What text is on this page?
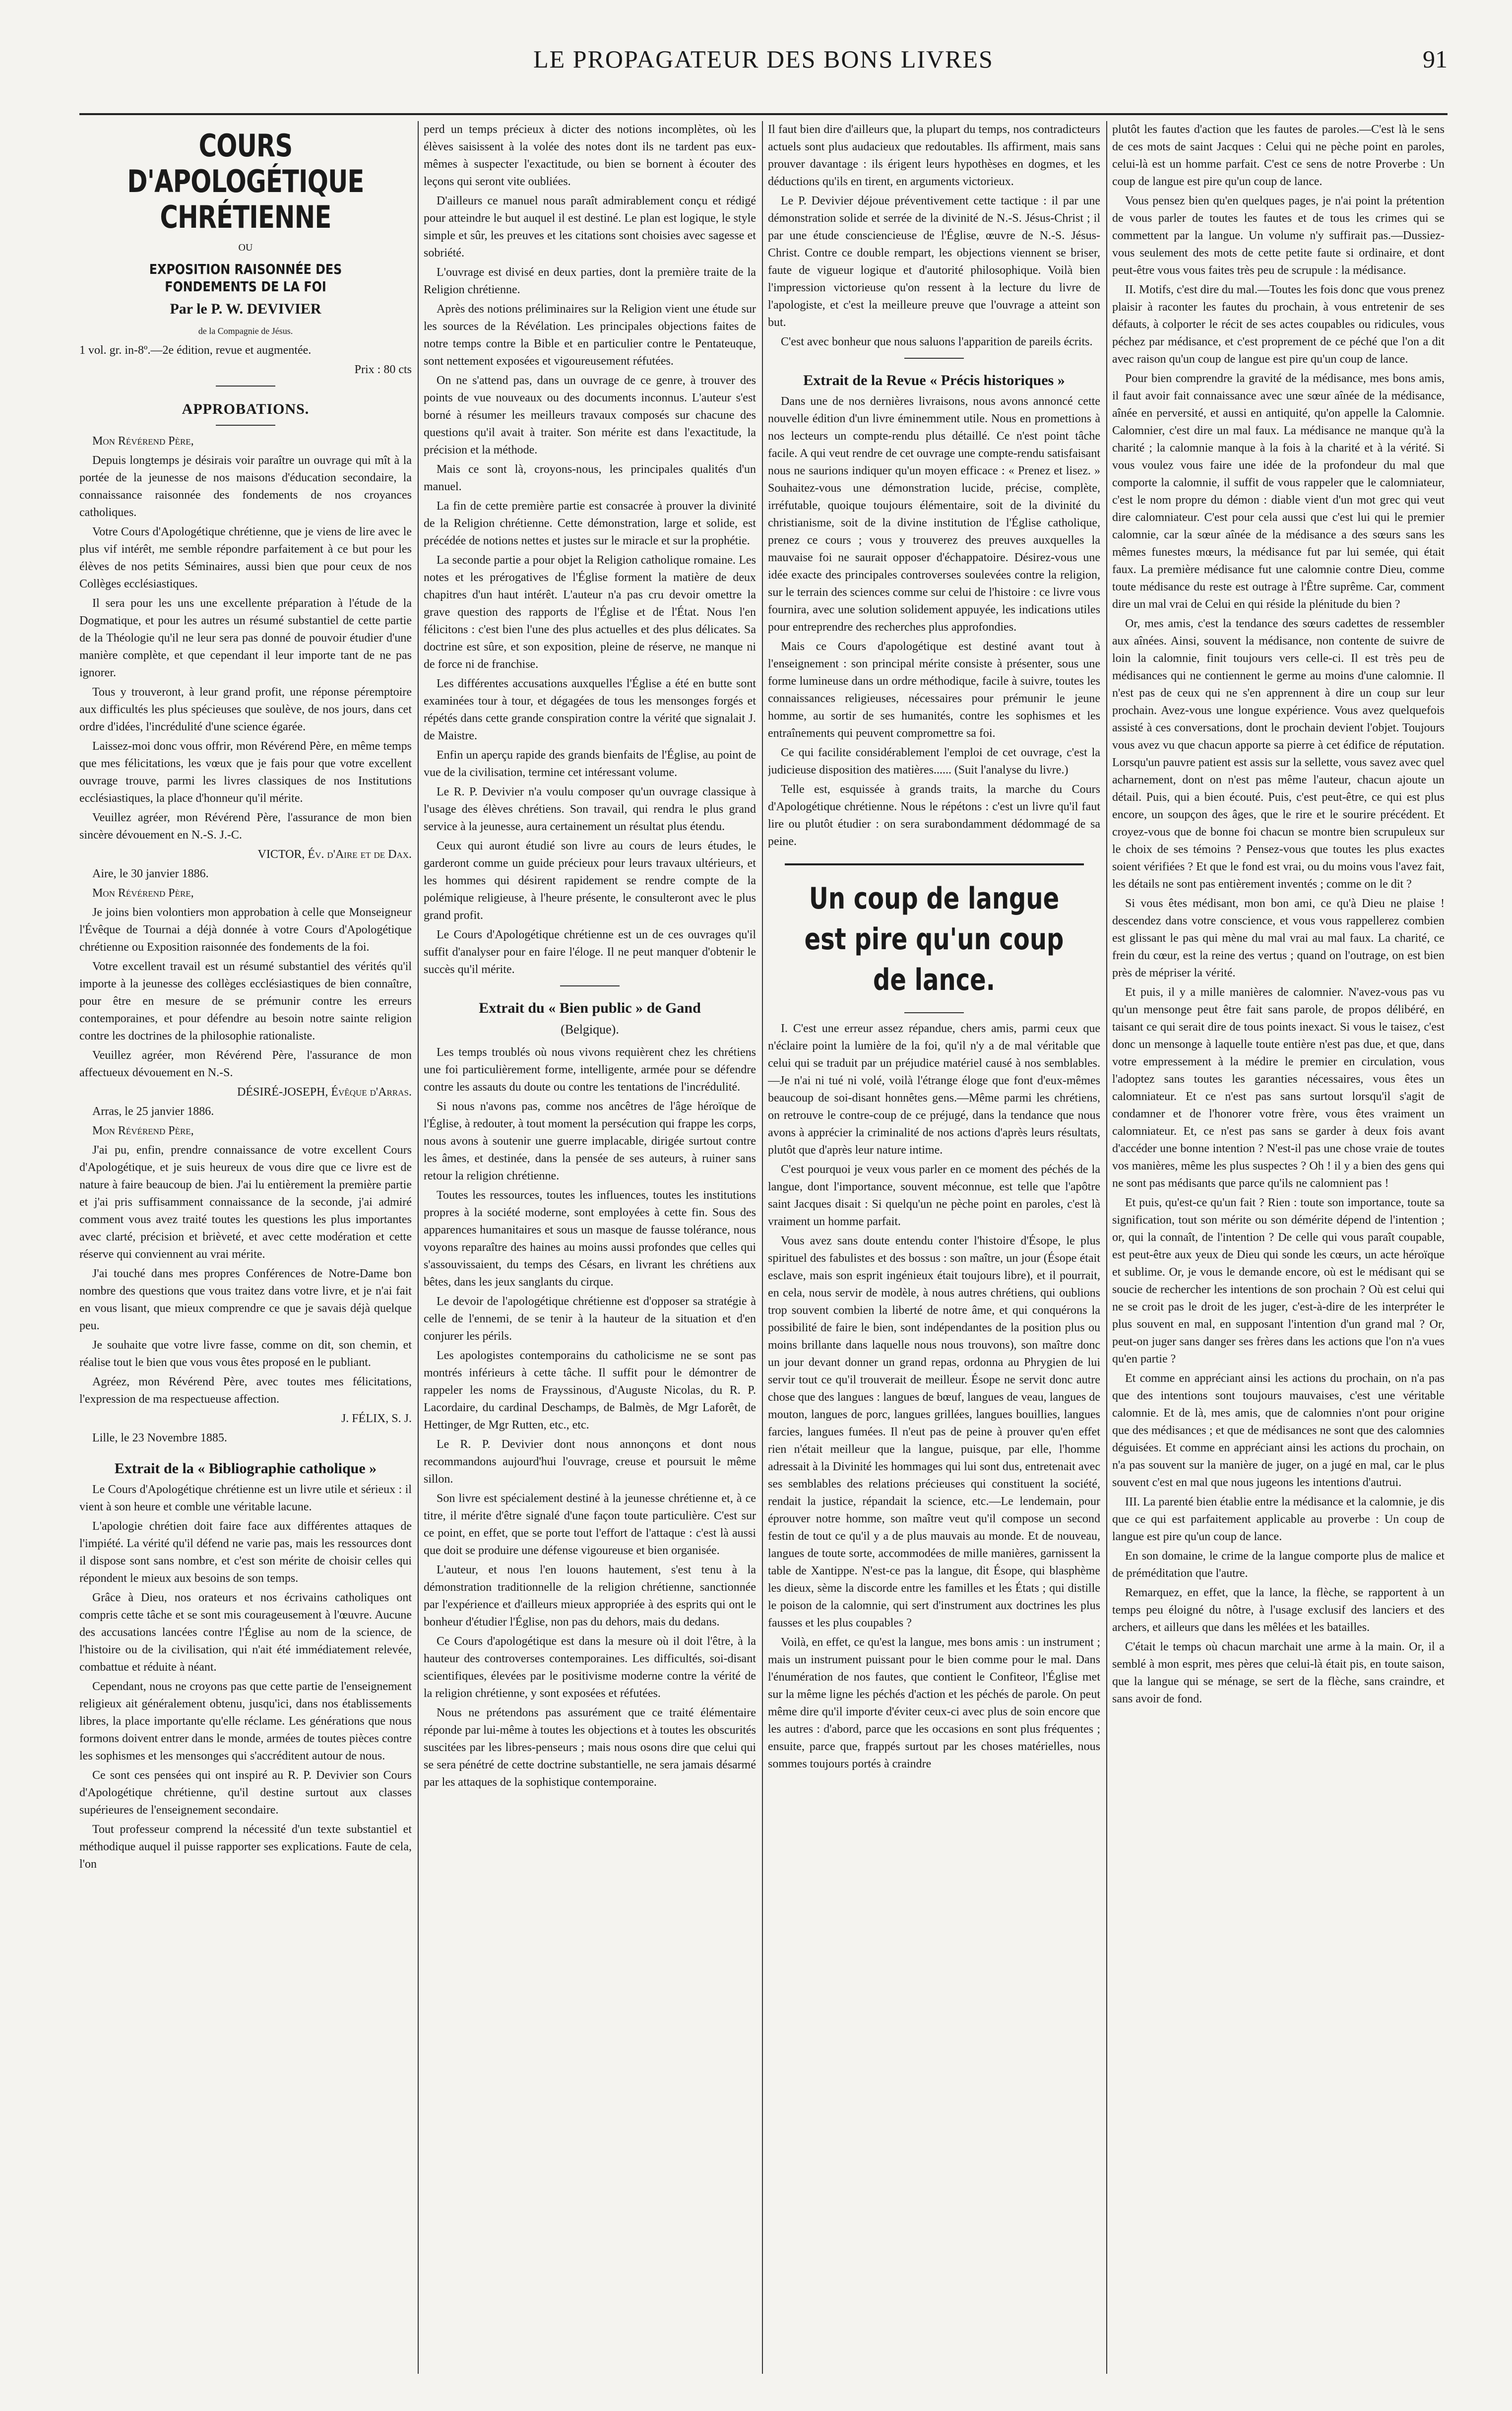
LE PROPAGATEUR DES BONS LIVRES	91
COURS D'APOLOGÉTIQUE CHRÉTIENNE
OU
EXPOSITION RAISONNÉE DES FONDEMENTS DE LA FOI
Par le P. W. DEVIVIER
de la Compagnie de Jésus.

1 vol. gr. in-8º.—2e édition, revue et augmentée.

Prix : 80 cts
APPROBATIONS.

Mon Révérend Père,

Depuis longtemps je désirais voir paraître un ouvrage qui mît à la portée de la jeunesse de nos maisons d'éducation secondaire, la connaissance raisonnée des fondements de nos croyances catholiques.

Votre Cours d'Apologétique chrétienne, que je viens de lire avec le plus vif intérêt, me semble répondre parfaitement à ce but pour les élèves de nos petits Séminaires, aussi bien que pour ceux de nos Collèges ecclésiastiques.

Il sera pour les uns une excellente préparation à l'étude de la Dogmatique, et pour les autres un résumé substantiel de cette partie de la Théologie qu'il ne leur sera pas donné de pouvoir étudier d'une manière complète, et que cependant il leur importe tant de ne pas ignorer.

Tous y trouveront, à leur grand profit, une réponse péremptoire aux difficultés les plus spécieuses que soulève, de nos jours, dans cet ordre d'idées, l'incrédulité d'une science égarée.

Laissez-moi donc vous offrir, mon Révérend Père, en même temps que mes félicitations, les vœux que je fais pour que votre excellent ouvrage trouve, parmi les livres classiques de nos Institutions ecclésiastiques, la place d'honneur qu'il mérite.

Veuillez agréer, mon Révérend Père, l'assurance de mon bien sincère dévouement en N.-S. J.-C.

VICTOR, Év. d'Aire et de Dax.

Aire, le 30 janvier 1886.

Mon Révérend Père,

Je joins bien volontiers mon approbation à celle que Monseigneur l'Évêque de Tournai a déjà donnée à votre Cours d'Apologétique chrétienne ou Exposition raisonnée des fondements de la foi.

Votre excellent travail est un résumé substantiel des vérités qu'il importe à la jeunesse des collèges ecclésiastiques de bien connaître, pour être en mesure de se prémunir contre les erreurs contemporaines, et pour défendre au besoin notre sainte religion contre les doctrines de la philosophie rationaliste.

Veuillez agréer, mon Révérend Père, l'assurance de mon affectueux dévouement en N.-S.

DÉSIRÉ-JOSEPH, Évêque d'Arras.

Arras, le 25 janvier 1886.

Mon Révérend Père,

J'ai pu, enfin, prendre connaissance de votre excellent Cours d'Apologétique, et je suis heureux de vous dire que ce livre est de nature à faire beaucoup de bien. J'ai lu entièrement la première partie et j'ai pris suffisamment connaissance de la seconde, j'ai admiré comment vous avez traité toutes les questions les plus importantes avec clarté, précision et brièveté, et avec cette modération et cette réserve qui conviennent au vrai mérite.

J'ai touché dans mes propres Conférences de Notre-Dame bon nombre des questions que vous traitez dans votre livre, et je n'ai fait en vous lisant, que mieux comprendre ce que je savais déjà quelque peu.

Je souhaite que votre livre fasse, comme on dit, son chemin, et réalise tout le bien que vous vous êtes proposé en le publiant.

Agréez, mon Révérend Père, avec toutes mes félicitations, l'expression de ma respectueuse affection.

J. FÉLIX, S. J.

Lille, le 23 Novembre 1885.

Extrait de la « Bibliographie catholique »

Le Cours d'Apologétique chrétienne est un livre utile et sérieux : il vient à son heure et comble une véritable lacune.

L'apologie chrétien doit faire face aux différentes attaques de l'impiété. La vérité qu'il défend ne varie pas, mais les ressources dont il dispose sont sans nombre, et c'est son mérite de choisir celles qui répondent le mieux aux besoins de son temps.

Grâce à Dieu, nos orateurs et nos écrivains catholiques ont compris cette tâche et se sont mis courageusement à l'œuvre. Aucune des accusations lancées contre l'Église au nom de la science, de l'histoire ou de la civilisation, qui n'ait été immédiatement relevée, combattue et réduite à néant.

Cependant, nous ne croyons pas que cette partie de l'enseignement religieux ait généralement obtenu, jusqu'ici, dans nos établissements libres, la place importante qu'elle réclame. Les générations que nous formons doivent entrer dans le monde, armées de toutes pièces contre les sophismes et les mensonges qui s'accréditent autour de nous.

Ce sont ces pensées qui ont inspiré au R. P. Devivier son Cours d'Apologétique chrétienne, qu'il destine surtout aux classes supérieures de l'enseignement secondaire.

Tout professeur comprend la nécessité d'un texte substantiel et méthodique auquel il puisse rapporter ses explications. Faute de cela, l'on

perd un temps précieux à dicter des notions incomplètes, où les élèves saisissent à la volée des notes dont ils ne tardent pas eux-mêmes à suspecter l'exactitude, ou bien se bornent à écouter des leçons qui seront vite oubliées.

D'ailleurs ce manuel nous paraît admirablement conçu et rédigé pour atteindre le but auquel il est destiné. Le plan est logique, le style simple et sûr, les preuves et les citations sont choisies avec sagesse et sobriété.

L'ouvrage est divisé en deux parties, dont la première traite de la Religion chrétienne.

Après des notions préliminaires sur la Religion vient une étude sur les sources de la Révélation. Les principales objections faites de notre temps contre la Bible et en particulier contre le Pentateuque, sont nettement exposées et vigoureusement réfutées.

On ne s'attend pas, dans un ouvrage de ce genre, à trouver des points de vue nouveaux ou des documents inconnus. L'auteur s'est borné à résumer les meilleurs travaux composés sur chacune des questions qu'il avait à traiter. Son mérite est dans l'exactitude, la précision et la méthode.

Mais ce sont là, croyons-nous, les principales qualités d'un manuel.

La fin de cette première partie est consacrée à prouver la divinité de la Religion chrétienne. Cette démonstration, large et solide, est précédée de notions nettes et justes sur le miracle et sur la prophétie.

La seconde partie a pour objet la Religion catholique romaine. Les notes et les prérogatives de l'Église forment la matière de deux chapitres d'un haut intérêt. L'auteur n'a pas cru devoir omettre la grave question des rapports de l'Église et de l'État. Nous l'en félicitons : c'est bien l'une des plus actuelles et des plus délicates. Sa doctrine est sûre, et son exposition, pleine de réserve, ne manque ni de force ni de franchise.

Les différentes accusations auxquelles l'Église a été en butte sont examinées tour à tour, et dégagées de tous les mensonges forgés et répétés dans cette grande conspiration contre la vérité que signalait J. de Maistre.

Enfin un aperçu rapide des grands bienfaits de l'Église, au point de vue de la civilisation, termine cet intéressant volume.

Le R. P. Devivier n'a voulu composer qu'un ouvrage classique à l'usage des élèves chrétiens. Son travail, qui rendra le plus grand service à la jeunesse, aura certainement un résultat plus étendu.

Ceux qui auront étudié son livre au cours de leurs études, le garderont comme un guide précieux pour leurs travaux ultérieurs, et les hommes qui désirent rapidement se rendre compte de la polémique religieuse, à l'heure présente, le consulteront avec le plus grand profit.

Le Cours d'Apologétique chrétienne est un de ces ouvrages qu'il suffit d'analyser pour en faire l'éloge. Il ne peut manquer d'obtenir le succès qu'il mérite.

Extrait du « Bien public » de Gand
(Belgique).

Les temps troublés où nous vivons requièrent chez les chrétiens une foi particulièrement forme, intelligente, armée pour se défendre contre les assauts du doute ou contre les tentations de l'incrédulité.

Si nous n'avons pas, comme nos ancêtres de l'âge héroïque de l'Église, à redouter, à tout moment la persécution qui frappe les corps, nous avons à soutenir une guerre implacable, dirigée surtout contre les âmes, et destinée, dans la pensée de ses auteurs, à ruiner sans retour la religion chrétienne.

Toutes les ressources, toutes les influences, toutes les institutions propres à la société moderne, sont employées à cette fin. Sous des apparences humanitaires et sous un masque de fausse tolérance, nous voyons reparaître des haines au moins aussi profondes que celles qui s'assouvissaient, du temps des Césars, en livrant les chrétiens aux bêtes, dans les jeux sanglants du cirque.

Le devoir de l'apologétique chrétienne est d'opposer sa stratégie à celle de l'ennemi, de se tenir à la hauteur de la situation et d'en conjurer les périls.

Les apologistes contemporains du catholicisme ne se sont pas montrés inférieurs à cette tâche. Il suffit pour le démontrer de rappeler les noms de Frayssinous, d'Auguste Nicolas, du R. P. Lacordaire, du cardinal Deschamps, de Balmès, de Mgr Laforêt, de Hettinger, de Mgr Rutten, etc., etc.

Le R. P. Devivier dont nous annonçons et dont nous recommandons aujourd'hui l'ouvrage, creuse et poursuit le même sillon.

Son livre est spécialement destiné à la jeunesse chrétienne et, à ce titre, il mérite d'être signalé d'une façon toute particulière. C'est sur ce point, en effet, que se porte tout l'effort de l'attaque : c'est là aussi que doit se produire une défense vigoureuse et bien organisée.

L'auteur, et nous l'en louons hautement, s'est tenu à la démonstration traditionnelle de la religion chrétienne, sanctionnée par l'expérience et d'ailleurs mieux appropriée à des esprits qui ont le bonheur d'étudier l'Église, non pas du dehors, mais du dedans.

Ce Cours d'apologétique est dans la mesure où il doit l'être, à la hauteur des controverses contemporaines. Les difficultés, soi-disant scientifiques, élevées par le positivisme moderne contre la vérité de la religion chrétienne, y sont exposées et réfutées.

Nous ne prétendons pas assurément que ce traité élémentaire réponde par lui-même à toutes les objections et à toutes les obscurités suscitées par les libres-penseurs ; mais nous osons dire que celui qui se sera pénétré de cette doctrine substantielle, ne sera jamais désarmé par les attaques de la sophistique contemporaine.

Il faut bien dire d'ailleurs que, la plupart du temps, nos contradicteurs actuels sont plus audacieux que redoutables. Ils affirment, mais sans prouver davantage : ils érigent leurs hypothèses en dogmes, et les déductions qu'ils en tirent, en arguments victorieux.

Le P. Devivier déjoue préventivement cette tactique : il par une démonstration solide et serrée de la divinité de N.-S. Jésus-Christ ; il par une étude consciencieuse de l'Église, œuvre de N.-S. Jésus-Christ. Contre ce double rempart, les objections viennent se briser, faute de vigueur logique et d'autorité philosophique. Voilà bien l'impression victorieuse qu'on ressent à la lecture du livre de l'apologiste, et c'est la meilleure preuve que l'ouvrage a atteint son but.

C'est avec bonheur que nous saluons l'apparition de pareils écrits.

Extrait de la Revue « Précis historiques »

Dans une de nos dernières livraisons, nous avons annoncé cette nouvelle édition d'un livre éminemment utile. Nous en promettions à nos lecteurs un compte-rendu plus détaillé. Ce n'est point tâche facile. A qui veut rendre de cet ouvrage une compte-rendu satisfaisant nous ne saurions indiquer qu'un moyen efficace : « Prenez et lisez. » Souhaitez-vous une démonstration lucide, précise, complète, irréfutable, quoique toujours élémentaire, soit de la divinité du christianisme, soit de la divine institution de l'Église catholique, prenez ce cours ; vous y trouverez des preuves auxquelles la mauvaise foi ne saurait opposer d'échappatoire. Désirez-vous une idée exacte des principales controverses soulevées contre la religion, sur le terrain des sciences comme sur celui de l'histoire : ce livre vous fournira, avec une solution solidement appuyée, les indications utiles pour entreprendre des recherches plus approfondies.

Mais ce Cours d'apologétique est destiné avant tout à l'enseignement : son principal mérite consiste à présenter, sous une forme lumineuse dans un ordre méthodique, facile à suivre, toutes les connaissances religieuses, nécessaires pour prémunir le jeune homme, au sortir de ses humanités, contre les sophismes et les entraînements qui peuvent compromettre sa foi.

Ce qui facilite considérablement l'emploi de cet ouvrage, c'est la judicieuse disposition des matières...... (Suit l'analyse du livre.)

Telle est, esquissée à grands traits, la marche du Cours d'Apologétique chrétienne. Nous le répétons : c'est un livre qu'il faut lire ou plutôt étudier : on sera surabondamment dédommagé de sa peine.

Un coup de langue est pire qu'un coup de lance.

I. C'est une erreur assez répandue, chers amis, parmi ceux que n'éclaire point la lumière de la foi, qu'il n'y a de mal véritable que celui qui se traduit par un préjudice matériel causé à nos semblables.—Je n'ai ni tué ni volé, voilà l'étrange éloge que font d'eux-mêmes beaucoup de soi-disant honnêtes gens.—Même parmi les chrétiens, on retrouve le contre-coup de ce préjugé, dans la tendance que nous avons à apprécier la criminalité de nos actions d'après leurs résultats, plutôt que d'après leur nature intime.

C'est pourquoi je veux vous parler en ce moment des péchés de la langue, dont l'importance, souvent méconnue, est telle que l'apôtre saint Jacques disait : Si quelqu'un ne pèche point en paroles, c'est là vraiment un homme parfait.

Vous avez sans doute entendu conter l'histoire d'Ésope, le plus spirituel des fabulistes et des bossus : son maître, un jour (Ésope était esclave, mais son esprit ingénieux était toujours libre), et il pourrait, en cela, nous servir de modèle, à nous autres chrétiens, qui oublions trop souvent combien la liberté de notre âme, et qui conquérons la possibilité de faire le bien, sont indépendantes de la position plus ou moins brillante dans laquelle nous nous trouvons), son maître donc un jour devant donner un grand repas, ordonna au Phrygien de lui servir tout ce qu'il trouverait de meilleur. Ésope ne servit donc autre chose que des langues : langues de bœuf, langues de veau, langues de mouton, langues de porc, langues grillées, langues bouillies, langues farcies, langues fumées. Il n'eut pas de peine à prouver qu'en effet rien n'était meilleur que la langue, puisque, par elle, l'homme adressait à la Divinité les hommages qui lui sont dus, entretenait avec ses semblables des relations précieuses qui constituent la société, rendait la justice, répandait la science, etc.—Le lendemain, pour éprouver notre homme, son maître veut qu'il compose un second festin de tout ce qu'il y a de plus mauvais au monde. Et de nouveau, langues de toute sorte, accommodées de mille manières, garnissent la table de Xantippe. N'est-ce pas la langue, dit Ésope, qui blasphème les dieux, sème la discorde entre les familles et les États ; qui distille le poison de la calomnie, qui sert d'instrument aux doctrines les plus fausses et les plus coupables ?

Voilà, en effet, ce qu'est la langue, mes bons amis : un instrument ; mais un instrument puissant pour le bien comme pour le mal. Dans l'énumération de nos fautes, que contient le Confiteor, l'Église met sur la même ligne les péchés d'action et les péchés de parole. On peut même dire qu'il importe d'éviter ceux-ci avec plus de soin encore que les autres : d'abord, parce que les occasions en sont plus fréquentes ; ensuite, parce que, frappés surtout par les choses matérielles, nous sommes toujours portés à craindre

plutôt les fautes d'action que les fautes de paroles.—C'est là le sens de ces mots de saint Jacques : Celui qui ne pèche point en paroles, celui-là est un homme parfait. C'est ce sens de notre Proverbe : Un coup de langue est pire qu'un coup de lance.

Vous pensez bien qu'en quelques pages, je n'ai point la prétention de vous parler de toutes les fautes et de tous les crimes qui se commettent par la langue. Un volume n'y suffirait pas.—Dussiez-vous seulement des mots de cette petite faute si ordinaire, et dont peut-être vous vous faites très peu de scrupule : la médisance.

II. Motifs, c'est dire du mal.—Toutes les fois donc que vous prenez plaisir à raconter les fautes du prochain, à vous entretenir de ses défauts, à colporter le récit de ses actes coupables ou ridicules, vous péchez par médisance, et c'est proprement de ce péché que l'on a dit avec raison qu'un coup de langue est pire qu'un coup de lance.

Pour bien comprendre la gravité de la médisance, mes bons amis, il faut avoir fait connaissance avec une sœur aînée de la médisance, aînée en perversité, et aussi en antiquité, qu'on appelle la Calomnie. Calomnier, c'est dire un mal faux. La médisance ne manque qu'à la charité ; la calomnie manque à la fois à la charité et à la vérité. Si vous voulez vous faire une idée de la profondeur du mal que comporte la calomnie, il suffit de vous rappeler que le calomniateur, c'est le nom propre du démon : diable vient d'un mot grec qui veut dire calomniateur. C'est pour cela aussi que c'est lui qui le premier calomnie, car la sœur aînée de la médisance a des sœurs sans les mêmes funestes mœurs, la médisance fut par lui semée, qui était faux. La première médisance fut une calomnie contre Dieu, comme toute médisance du reste est outrage à l'Être suprême. Car, comment dire un mal vrai de Celui en qui réside la plénitude du bien ?

Or, mes amis, c'est la tendance des sœurs cadettes de ressembler aux aînées. Ainsi, souvent la médisance, non contente de suivre de loin la calomnie, finit toujours vers celle-ci. Il est très peu de médisances qui ne contiennent le germe au moins d'une calomnie. Il n'est pas de ceux qui ne s'en apprennent à dire un coup sur leur prochain. Avez-vous une longue expérience. Vous avez quelquefois assisté à ces conversations, dont le prochain devient l'objet. Toujours vous avez vu que chacun apporte sa pierre à cet édifice de réputation. Lorsqu'un pauvre patient est assis sur la sellette, vous savez avec quel acharnement, dont on n'est pas même l'auteur, chacun ajoute un détail. Puis, qui a bien écouté. Puis, c'est peut-être, ce qui est plus encore, un soupçon des âges, que le rire et le sourire précédent. Et croyez-vous que de bonne foi chacun se montre bien scrupuleux sur le choix de ses témoins ? Pensez-vous que toutes les plus exactes soient vérifiées ? Et que le fond est vrai, ou du moins vous l'avez fait, les détails ne sont pas entièrement inventés ; comme on le dit ?

Si vous êtes médisant, mon bon ami, ce qu'à Dieu ne plaise ! descendez dans votre conscience, et vous vous rappellerez combien est glissant le pas qui mène du mal vrai au mal faux. La charité, ce frein du cœur, est la reine des vertus ; quand on l'outrage, on est bien près de mépriser la vérité.

Et puis, il y a mille manières de calomnier. N'avez-vous pas vu qu'un mensonge peut être fait sans parole, de propos délibéré, en taisant ce qui serait dire de tous points inexact. Si vous le taisez, c'est donc un mensonge à laquelle toute entière n'est pas due, et que, dans votre empressement à la médire le premier en circulation, vous l'adoptez sans toutes les garanties nécessaires, vous êtes un calomniateur. Et ce n'est pas sans surtout lorsqu'il s'agit de condamner et de l'honorer votre frère, vous êtes vraiment un calomniateur. Et, ce n'est pas sans se garder à deux fois avant d'accéder une bonne intention ? N'est-il pas une chose vraie de toutes vos manières, même les plus suspectes ? Oh ! il y a bien des gens qui ne sont pas médisants que parce qu'ils ne calomnient pas !

Et puis, qu'est-ce qu'un fait ? Rien : toute son importance, toute sa signification, tout son mérite ou son démérite dépend de l'intention ; or, qui la connaît, de l'intention ? De celle qui vous paraît coupable, est peut-être aux yeux de Dieu qui sonde les cœurs, un acte héroïque et sublime. Or, je vous le demande encore, où est le médisant qui se soucie de rechercher les intentions de son prochain ? Où est celui qui ne se croit pas le droit de les juger, c'est-à-dire de les interpréter le plus souvent en mal, en supposant l'intention d'un grand mal ? Or, peut-on juger sans danger ses frères dans les actions que l'on n'a vues qu'en partie ?

Et comme en appréciant ainsi les actions du prochain, on n'a pas que des intentions sont toujours mauvaises, c'est une véritable calomnie. Et de là, mes amis, que de calomnies n'ont pour origine que des médisances ; et que de médisances ne sont que des calomnies déguisées. Et comme en appréciant ainsi les actions du prochain, on n'a pas souvent sur la manière de juger, on a jugé en mal, car le plus souvent c'est en mal que nous jugeons les intentions d'autrui.

III. La parenté bien établie entre la médisance et la calomnie, je dis que ce qui est parfaitement applicable au proverbe : Un coup de langue est pire qu'un coup de lance.

En son domaine, le crime de la langue comporte plus de malice et de préméditation que l'autre.

Remarquez, en effet, que la lance, la flèche, se rapportent à un temps peu éloigné du nôtre, à l'usage exclusif des lanciers et des archers, et ailleurs que dans les mêlées et les batailles.

C'était le temps où chacun marchait une arme à la main. Or, il a semblé à mon esprit, mes pères que celui-là était pis, en toute saison, que la langue qui se ménage, se sert de la flèche, sans craindre, et sans avoir de fond.
